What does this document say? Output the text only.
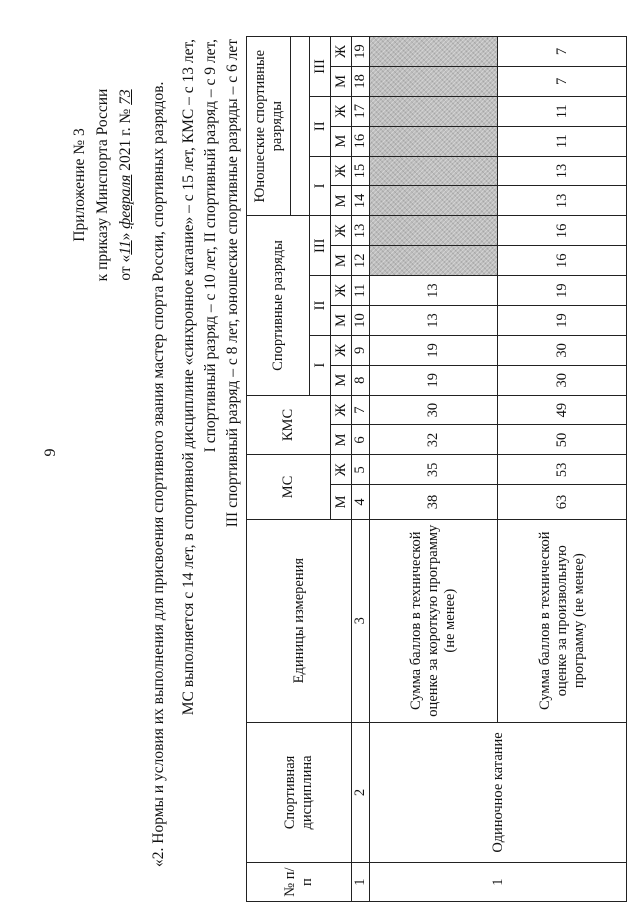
9
Приложение № 3 к приказу Минспорта России от «11» февраля 2021 г. № 73 «2. Нормы и условия их выполнения для присвоения спортивного звания мастер спорта России, спортивных разрядов. МС выполняется с 14 лет, в спортивной дисциплине «синхронное катание» – с 15 лет, КМС – с 13 лет, I спортивный разряд – с 10 лет, II спортивный разряд – с 9 лет, III спортивный разряд – с 8 лет, юношеские спортивные разряды – с 6 лет
№ п/п	Спортивная дисциплина	Единицы измерения	МС		КМС		Спортивные разряды						Юношеские спортивные разряды					

							I		II		III		I		II		III	
			М	Ж	М	Ж	М	Ж	М	Ж	М	Ж	М	Ж	М	Ж	М	Ж
1	2	3	4	5	6	7	8	9	10	11	12	13	14	15	16	17	18	19
1	Одиночное катание	Сумма баллов в технической оценке за короткую программу (не менее)	38	35	32	30	19	19	13	13								
		Сумма баллов в технической оценке за произвольную программу (не менее)	63	53	50	49	30	30	19	19	16	16	13	13	11	11	7	7
